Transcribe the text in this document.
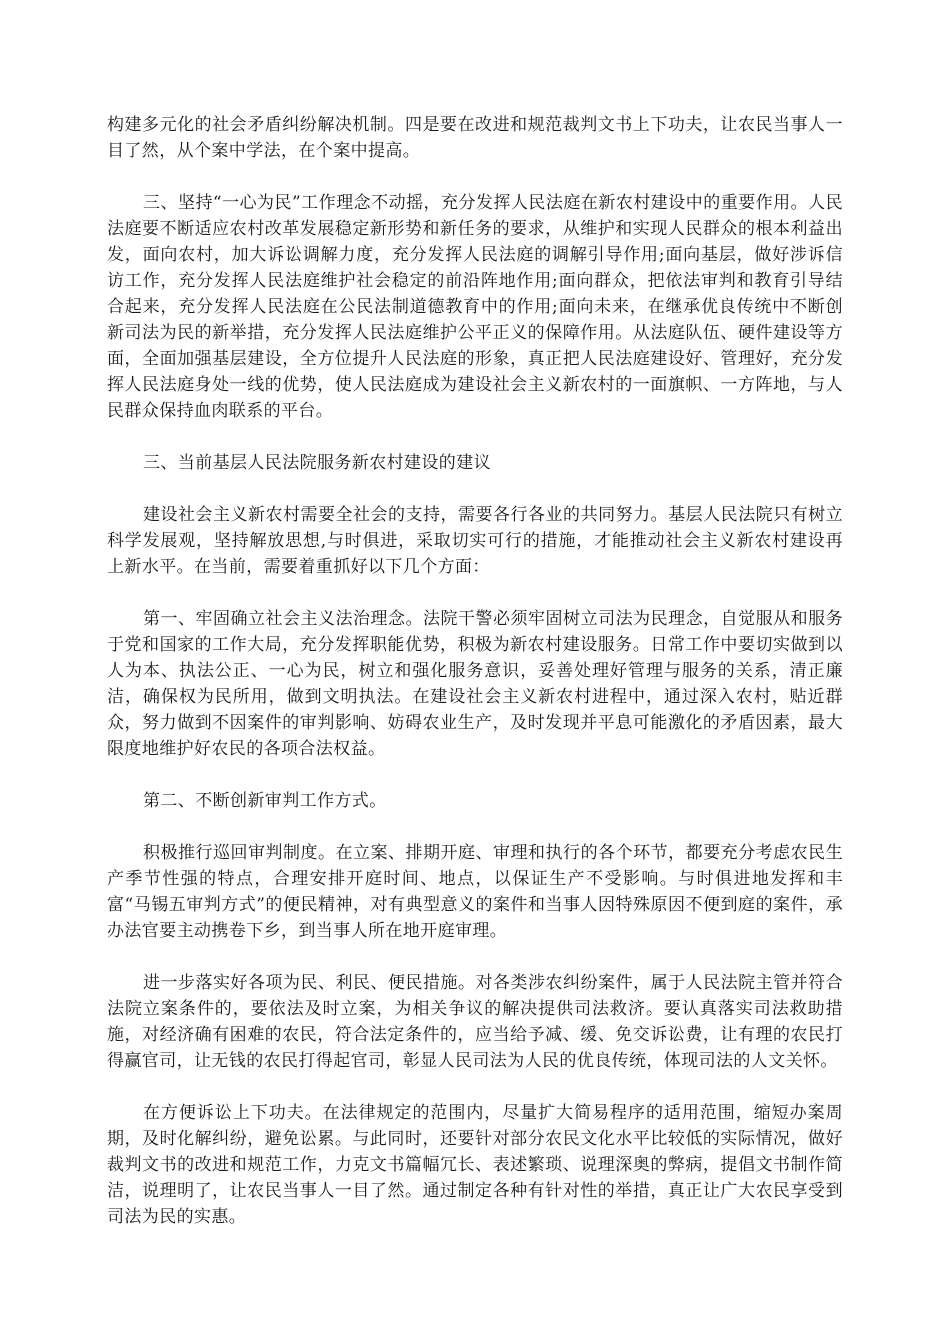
构建多元化的社会矛盾纠纷解决机制。四是要在改进和规范裁判文书上下功夫，让农民当事人一目了然，从个案中学法，在个案中提高。

三、坚持“一心为民”工作理念不动摇，充分发挥人民法庭在新农村建设中的重要作用。人民法庭要不断适应农村改革发展稳定新形势和新任务的要求，从维护和实现人民群众的根本利益出发，面向农村，加大诉讼调解力度，充分发挥人民法庭的调解引导作用;面向基层，做好涉诉信访工作，充分发挥人民法庭维护社会稳定的前沿阵地作用;面向群众，把依法审判和教育引导结合起来，充分发挥人民法庭在公民法制道德教育中的作用;面向未来，在继承优良传统中不断创新司法为民的新举措，充分发挥人民法庭维护公平正义的保障作用。从法庭队伍、硬件建设等方面，全面加强基层建设，全方位提升人民法庭的形象，真正把人民法庭建设好、管理好，充分发挥人民法庭身处一线的优势，使人民法庭成为建设社会主义新农村的一面旗帜、一方阵地，与人民群众保持血肉联系的平台。

三、当前基层人民法院服务新农村建设的建议

建设社会主义新农村需要全社会的支持，需要各行各业的共同努力。基层人民法院只有树立科学发展观，坚持解放思想,与时俱进，采取切实可行的措施，才能推动社会主义新农村建设再上新水平。在当前，需要着重抓好以下几个方面：

第一、牢固确立社会主义法治理念。法院干警必须牢固树立司法为民理念，自觉服从和服务于党和国家的工作大局，充分发挥职能优势，积极为新农村建设服务。日常工作中要切实做到以人为本、执法公正、一心为民，树立和强化服务意识，妥善处理好管理与服务的关系，清正廉洁，确保权为民所用，做到文明执法。在建设社会主义新农村进程中，通过深入农村，贴近群众，努力做到不因案件的审判影响、妨碍农业生产，及时发现并平息可能激化的矛盾因素，最大限度地维护好农民的各项合法权益。

第二、不断创新审判工作方式。

积极推行巡回审判制度。在立案、排期开庭、审理和执行的各个环节，都要充分考虑农民生产季节性强的特点，合理安排开庭时间、地点，以保证生产不受影响。与时俱进地发挥和丰富“马锡五审判方式”的便民精神，对有典型意义的案件和当事人因特殊原因不便到庭的案件，承办法官要主动携卷下乡，到当事人所在地开庭审理。

进一步落实好各项为民、利民、便民措施。对各类涉农纠纷案件，属于人民法院主管并符合法院立案条件的，要依法及时立案，为相关争议的解决提供司法救济。要认真落实司法救助措施，对经济确有困难的农民，符合法定条件的，应当给予减、缓、免交诉讼费，让有理的农民打得赢官司，让无钱的农民打得起官司，彰显人民司法为人民的优良传统，体现司法的人文关怀。

在方便诉讼上下功夫。在法律规定的范围内，尽量扩大简易程序的适用范围，缩短办案周期，及时化解纠纷，避免讼累。与此同时，还要针对部分农民文化水平比较低的实际情况，做好裁判文书的改进和规范工作，力克文书篇幅冗长、表述繁琐、说理深奥的弊病，提倡文书制作简洁，说理明了，让农民当事人一目了然。通过制定各种有针对性的举措，真正让广大农民享受到司法为民的实惠。
